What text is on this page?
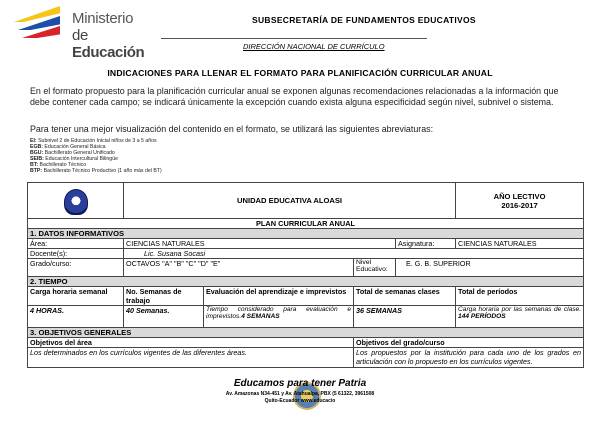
Ministerio
de Educación
SUBSECRETARÍA DE FUNDAMENTOS EDUCATIVOS
DIRECCIÓN NACIONAL DE CURRÍCULO
INDICACIONES PARA LLENAR EL FORMATO PARA PLANIFICACIÓN CURRICULAR ANUAL
En el formato propuesto para la planificación curricular anual se exponen algunas recomendaciones relacionadas a la información que debe contener cada campo; se indicará únicamente la excepción cuando exista alguna especificidad según nivel, subnivel o sistema.
Para tener una mejor visualización del contenido en el formato, se utilizará las siguientes abreviaturas:
EI: Subnivel 2 de Educación Inicial niños de 3 a 5 años
EGB: Educación General Básica
BGU: Bachillerato General Unificado
SEIB: Educación Intercultural Bilingüe
BT: Bachillerato Técnico
BTP: Bachillerato Técnico Productivo (1 año más del BT)
	UNIDAD EDUCATIVA ALOASI				AÑO LECTIVO
2016-2017

PLAN CURRICULAR ANUAL					
1. DATOS INFORMATIVOS					
Área:	CIENCIAS NATURALES			Asignatura:	CIENCIAS NATURALES
Docente(s):	Lic. Susana Socasi				
Grado/curso:	OCTAVOS "A" "B" "C" "D" "E"		Nivel Educativo:	E. G. B. SUPERIOR	
2. TIEMPO					
Carga horaria semanal	No. Semanas de trabajo	Evaluación del aprendizaje e imprevistos	Total de semanas clases		Total de períodos
4 HORAS.	40 Semanas.	Tiempo considerado para evaluación e imprevistos.4 SEMANAS	36 SEMANAS		Carga horaria por las semanas de clase. 144 PERÍODOS
3. OBJETIVOS GENERALES					
Objetivos del área			Objetivos del grado/curso		
Los determinados en los currículos vigentes de las diferentes áreas.			Los propuestos por la institución para cada uno de los grados en articulación con lo propuesto en los currículos vigentes.		
Educamos para tener Patria
Av. Amazonas N34-451 y Av. Atahualpa, PBX (5 61322, 3961508
Quito-Ecuador www.educacio
